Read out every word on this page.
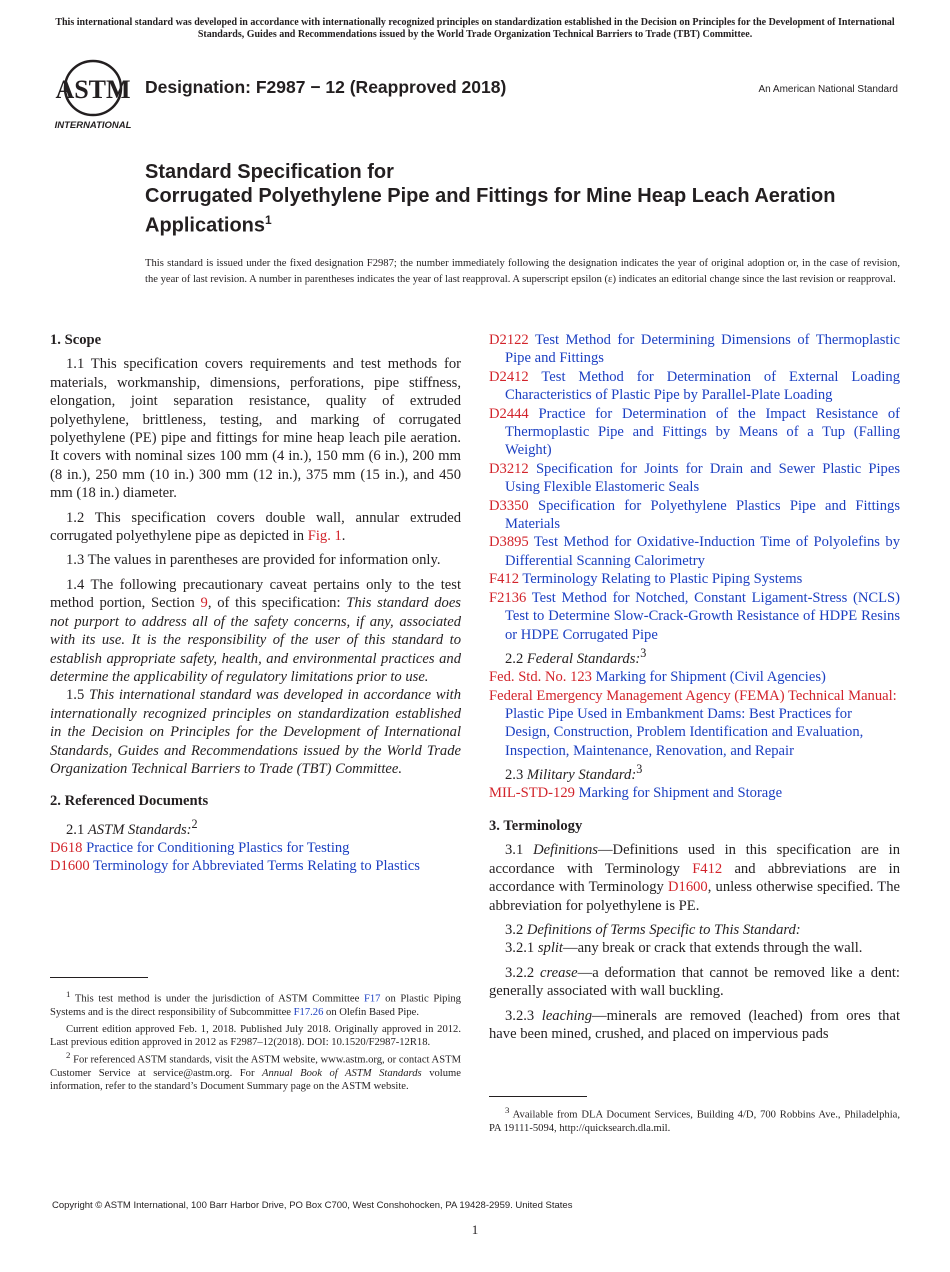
This international standard was developed in accordance with internationally recognized principles on standardization established in the Decision on Principles for the Development of International Standards, Guides and Recommendations issued by the World Trade Organization Technical Barriers to Trade (TBT) Committee.
ASTM
INTERNATIONAL
Designation: F2987 − 12 (Reapproved 2018)	An American National Standard
Standard Specification for
Corrugated Polyethylene Pipe and Fittings for Mine Heap Leach Aeration Applications$^1$
This standard is issued under the fixed designation F2987; the number immediately following the designation indicates the year of original adoption or, in the case of revision, the year of last revision. A number in parentheses indicates the year of last reapproval. A superscript epsilon (ε) indicates an editorial change since the last revision or reapproval.
1. Scope

1.1 This specification covers requirements and test methods for materials, workmanship, dimensions, perforations, pipe stiffness, elongation, joint separation resistance, quality of extruded polyethylene, brittleness, testing, and marking of corrugated polyethylene (PE) pipe and fittings for mine heap leach pile aeration. It covers with nominal sizes 100 mm (4 in.), 150 mm (6 in.), 200 mm (8 in.), 250 mm (10 in.) 300 mm (12 in.), 375 mm (15 in.), and 450 mm (18 in.) diameter.

1.2 This specification covers double wall, annular extruded corrugated polyethylene pipe as depicted in Fig. 1.

1.3 The values in parentheses are provided for information only.

1.4 The following precautionary caveat pertains only to the test method portion, Section 9, of this specification: This standard does not purport to address all of the safety concerns, if any, associated with its use. It is the responsibility of the user of this standard to establish appropriate safety, health, and environmental practices and determine the applicability of regulatory limitations prior to use.

1.5 This international standard was developed in accordance with internationally recognized principles on standardization established in the Decision on Principles for the Development of International Standards, Guides and Recommendations issued by the World Trade Organization Technical Barriers to Trade (TBT) Committee.

2. Referenced Documents

2.1 ASTM Standards:$^2$

D618 Practice for Conditioning Plastics for Testing
D1600 Terminology for Abbreviated Terms Relating to Plastics

$^1$ This test method is under the jurisdiction of ASTM Committee F17 on Plastic Piping Systems and is the direct responsibility of Subcommittee F17.26 on Olefin Based Pipe.

Current edition approved Feb. 1, 2018. Published July 2018. Originally approved in 2012. Last previous edition approved in 2012 as F2987–12(2018). DOI: 10.1520/F2987-12R18.

$^2$ For referenced ASTM standards, visit the ASTM website, www.astm.org, or contact ASTM Customer Service at service@astm.org. For Annual Book of ASTM Standards volume information, refer to the standard’s Document Summary page on the ASTM website.

D2122 Test Method for Determining Dimensions of Thermoplastic Pipe and Fittings
D2412 Test Method for Determination of External Loading Characteristics of Plastic Pipe by Parallel-Plate Loading
D2444 Practice for Determination of the Impact Resistance of Thermoplastic Pipe and Fittings by Means of a Tup (Falling Weight)
D3212 Specification for Joints for Drain and Sewer Plastic Pipes Using Flexible Elastomeric Seals
D3350 Specification for Polyethylene Plastics Pipe and Fittings Materials
D3895 Test Method for Oxidative-Induction Time of Polyolefins by Differential Scanning Calorimetry
F412 Terminology Relating to Plastic Piping Systems
F2136 Test Method for Notched, Constant Ligament-Stress (NCLS) Test to Determine Slow-Crack-Growth Resistance of HDPE Resins or HDPE Corrugated Pipe

2.2 Federal Standards:$^3$

Fed. Std. No. 123 Marking for Shipment (Civil Agencies)
Federal Emergency Management Agency (FEMA) Technical Manual: Plastic Pipe Used in Embankment Dams: Best Practices for Design, Construction, Problem Identification and Evaluation, Inspection, Maintenance, Renovation, and Repair

2.3 Military Standard:$^3$

MIL-STD-129 Marking for Shipment and Storage
3. Terminology

3.1 Definitions—Definitions used in this specification are in accordance with Terminology F412 and abbreviations are in accordance with Terminology D1600, unless otherwise specified. The abbreviation for polyethylene is PE.

3.2 Definitions of Terms Specific to This Standard:

3.2.1 split—any break or crack that extends through the wall.

3.2.2 crease—a deformation that cannot be removed like a dent: generally associated with wall buckling.

3.2.3 leaching—minerals are removed (leached) from ores that have been mined, crushed, and placed on impervious pads

$^3$ Available from DLA Document Services, Building 4/D, 700 Robbins Ave., Philadelphia, PA 19111-5094, http://quicksearch.dla.mil.

Copyright © ASTM International, 100 Barr Harbor Drive, PO Box C700, West Conshohocken, PA 19428-2959. United States
1
